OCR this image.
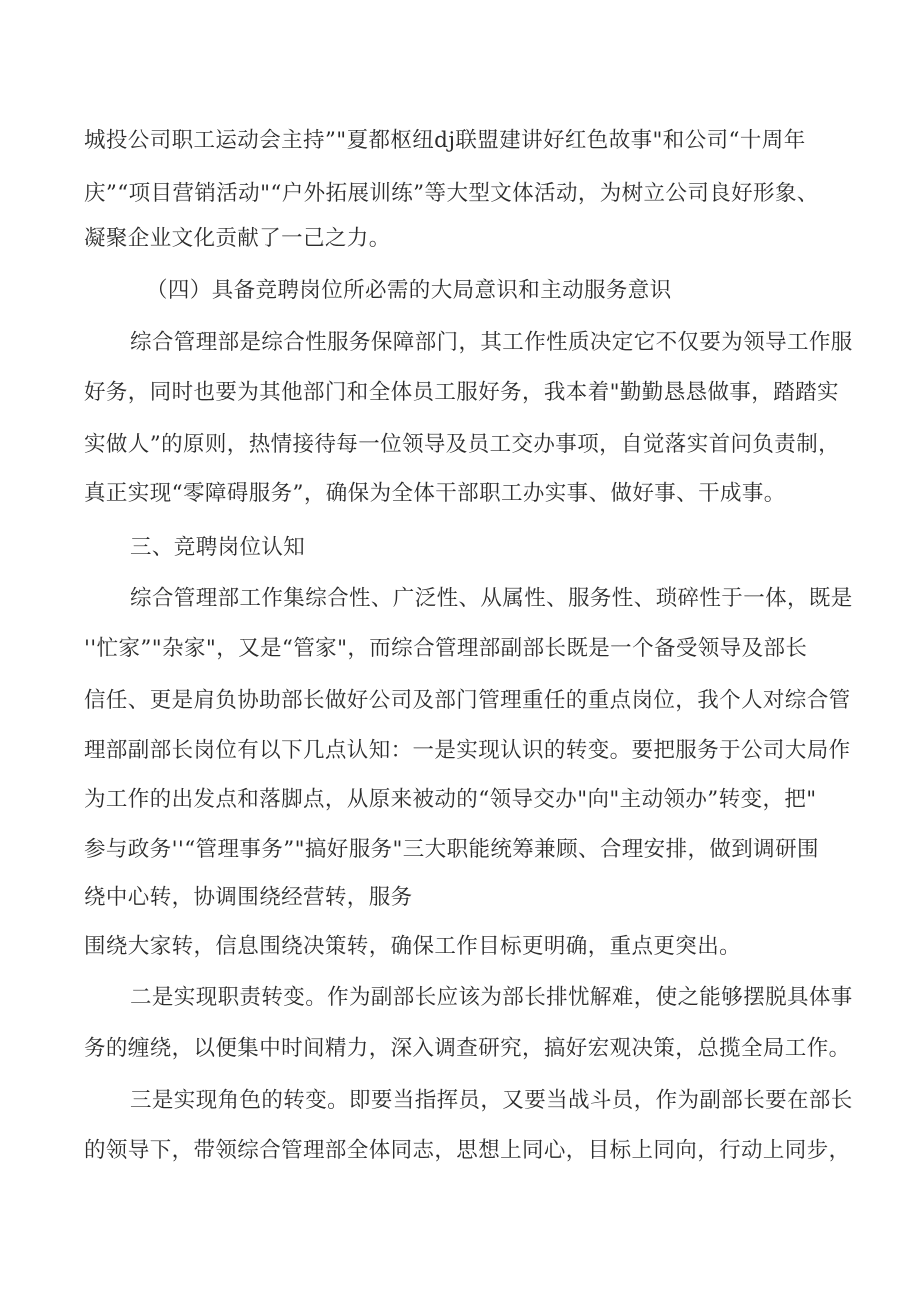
城投公司职工运动会主持”"夏都枢纽dj联盟建讲好红色故事"和公司“十周年
庆”“项目营销活动"“户外拓展训练”等大型文体活动，为树立公司良好形象、
凝聚企业文化贡献了一己之力。
（四）具备竞聘岗位所必需的大局意识和主动服务意识
综合管理部是综合性服务保障部门，其工作性质决定它不仅要为领导工作服
好务，同时也要为其他部门和全体员工服好务，我本着"勤勤恳恳做事，踏踏实
实做人”的原则，热情接待每一位领导及员工交办事项，自觉落实首问负责制，
真正实现“零障碍服务”，确保为全体干部职工办实事、做好事、干成事。
三、竞聘岗位认知
综合管理部工作集综合性、广泛性、从属性、服务性、琐碎性于一体，既是
''忙家”"杂家"，又是“管家"，而综合管理部副部长既是一个备受领导及部长
信任、更是肩负协助部长做好公司及部门管理重任的重点岗位，我个人对综合管
理部副部长岗位有以下几点认知：一是实现认识的转变。要把服务于公司大局作
为工作的出发点和落脚点，从原来被动的“领导交办"向"主动领办”转变，把"
参与政务''“管理事务”"搞好服务"三大职能统筹兼顾、合理安排，做到调研围
绕中心转，协调围绕经营转，服务
围绕大家转，信息围绕决策转，确保工作目标更明确，重点更突出。
二是实现职责转变。作为副部长应该为部长排忧解难，使之能够摆脱具体事
务的缠绕，以便集中时间精力，深入调查研究，搞好宏观决策，总揽全局工作。
三是实现角色的转变。即要当指挥员，又要当战斗员，作为副部长要在部长
的领导下，带领综合管理部全体同志，思想上同心，目标上同向，行动上同步，
